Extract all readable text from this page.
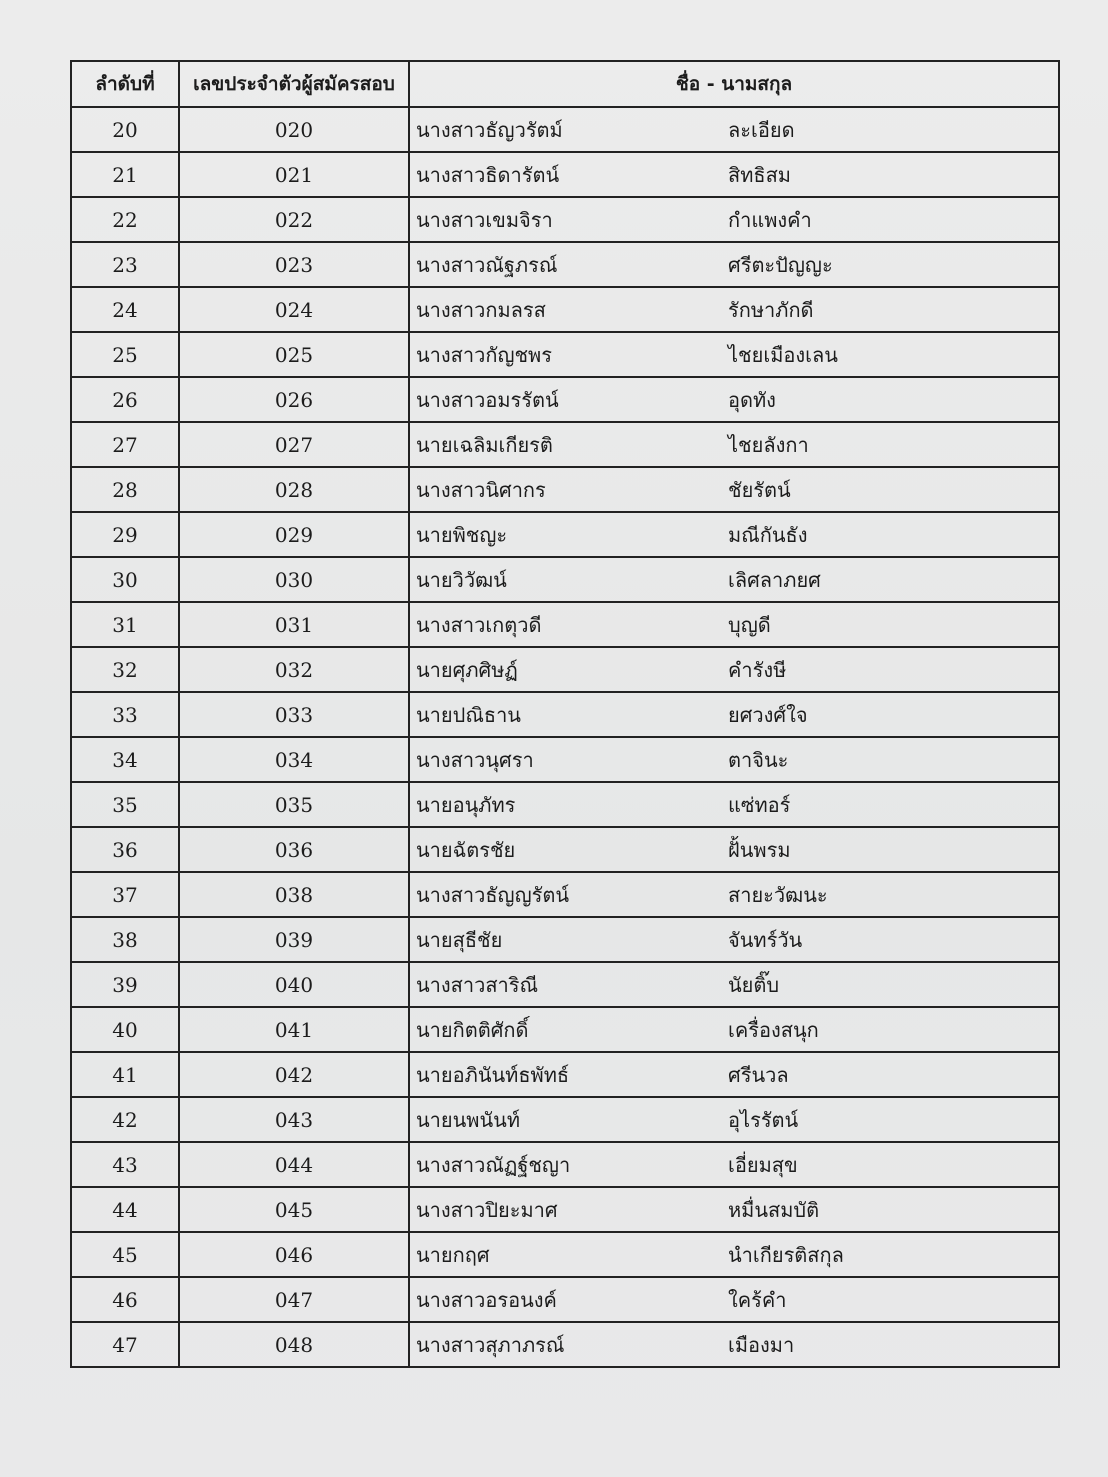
ลำดับที่	เลขประจำตัวผู้สมัครสอบ	ชื่อ - นามสกุล
20	020	นางสาวธัญวรัตม์ ละเอียด
21	021	นางสาวธิดารัตน์ สิทธิสม
22	022	นางสาวเขมจิรา กำแพงคำ
23	023	นางสาวณัฐภรณ์ ศรีตะปัญญะ
24	024	นางสาวกมลรส รักษาภักดี
25	025	นางสาวกัญชพร ไชยเมืองเลน
26	026	นางสาวอมรรัตน์ อุดทัง
27	027	นายเฉลิมเกียรติ ไชยลังกา
28	028	นางสาวนิศากร ชัยรัตน์
29	029	นายพิชญะ มณีกันธัง
30	030	นายวิวัฒน์ เลิศลาภยศ
31	031	นางสาวเกตุวดี บุญดี
32	032	นายศุภศิษฏ์ คำรังษี
33	033	นายปณิธาน ยศวงศ์ใจ
34	034	นางสาวนุศรา ตาจินะ
35	035	นายอนุภัทร แซ่ทอร์
36	036	นายฉัตรชัย ฝั้นพรม
37	038	นางสาวธัญญรัตน์ สายะวัฒนะ
38	039	นายสุธีชัย จันทร์วัน
39	040	นางสาวสาริณี นัยติ๊บ
40	041	นายกิตติศักดิ์ เครื่องสนุก
41	042	นายอภินันท์ธพัทธ์ ศรีนวล
42	043	นายนพนันท์ อุไรรัตน์
43	044	นางสาวณัฏฐ์ชญา เอี่ยมสุข
44	045	นางสาวปิยะมาศ หมื่นสมบัติ
45	046	นายกฤศ นำเกียรติสกุล
46	047	นางสาวอรอนงค์ ใคร้คำ
47	048	นางสาวสุภาภรณ์ เมืองมา
